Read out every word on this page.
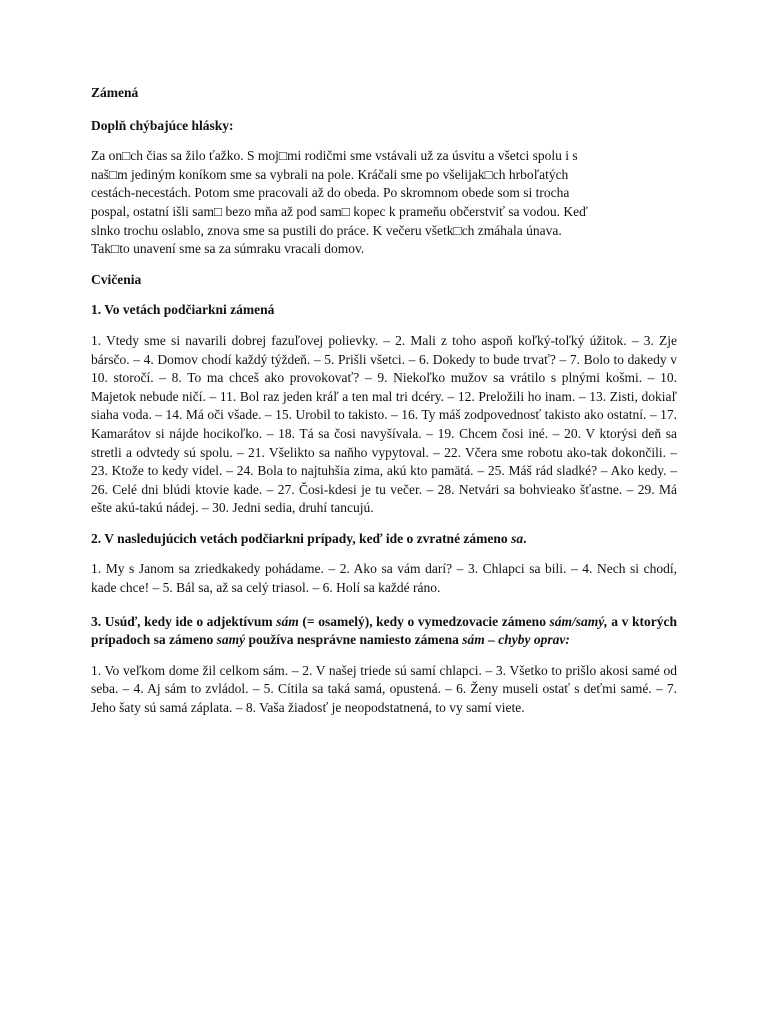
Zámená

Doplň chýbajúce hlásky:

Za on□ch čias sa žilo ťažko. S moj□mi rodičmi sme vstávali už za úsvitu a všetci spolu i s
naš□m jediným koníkom sme sa vybrali na pole. Kráčali sme po všelijak□ch hrboľatých
cestách-necestách. Potom sme pracovali až do obeda. Po skromnom obede som si trocha
pospal, ostatní išli sam□ bezo mňa až pod sam□ kopec k prameňu občerstviť sa vodou. Keď
slnko trochu oslablo, znova sme sa pustili do práce. K večeru všetk□ch zmáhala únava.
Tak□to unavení sme sa za súmraku vracali domov.

Cvičenia

1. Vo vetách podčiarkni zámená

1. Vtedy sme si navarili dobrej fazuľovej polievky. – 2. Mali z toho aspoň koľký-toľký úžitok. – 3. Zje bársčo. – 4. Domov chodí každý týždeň. – 5. Prišli všetci. – 6. Dokedy to bude trvať? – 7. Bolo to dakedy v 10. storočí. – 8. To ma chceš ako provokovať? – 9. Niekoľko mužov sa vrátilo s plnými košmi. – 10. Majetok nebude ničí. – 11. Bol raz jeden kráľ a ten mal tri dcéry. – 12. Preložili ho inam. – 13. Zisti, dokiaľ siaha voda. – 14. Má oči všade. – 15. Urobil to takisto. – 16. Ty máš zodpovednosť takisto ako ostatní. – 17. Kamarátov si nájde hocikoľko. – 18. Tá sa čosi navyšívala. – 19. Chcem čosi iné. – 20. V ktorýsi deň sa stretli a odvtedy sú spolu. – 21. Všelikto sa naňho vypytoval. – 22. Včera sme robotu ako-tak dokončili. – 23. Ktože to kedy videl. – 24. Bola to najtuhšia zima, akú kto pamätá. – 25. Máš rád sladké? – Ako kedy. – 26. Celé dni blúdi ktovie kade. – 27. Čosi-kdesi je tu večer. – 28. Netvári sa bohvieako šťastne. – 29. Má ešte akú-takú nádej. – 30. Jedni sedia, druhí tancujú.

2. V nasledujúcich vetách podčiarkni prípady, keď ide o zvratné zámeno sa.

1. My s Janom sa zriedkakedy pohádame. – 2. Ako sa vám darí? – 3. Chlapci sa bili. – 4. Nech si chodí, kade chce! – 5. Bál sa, až sa celý triasol. – 6. Holí sa každé ráno.

3. Usúď, kedy ide o adjektívum sám (= osamelý), kedy o vymedzovacie zámeno sám/samý, a v ktorých prípadoch sa zámeno samý používa nesprávne namiesto zámena sám – chyby oprav:

1. Vo veľkom dome žil celkom sám. – 2. V našej triede sú samí chlapci. – 3. Všetko to prišlo akosi samé od seba. – 4. Aj sám to zvládol. – 5. Cítila sa taká samá, opustená. – 6. Ženy museli ostať s deťmi samé. – 7. Jeho šaty sú samá záplata. – 8. Vaša žiadosť je neopodstatnená, to vy samí viete.
